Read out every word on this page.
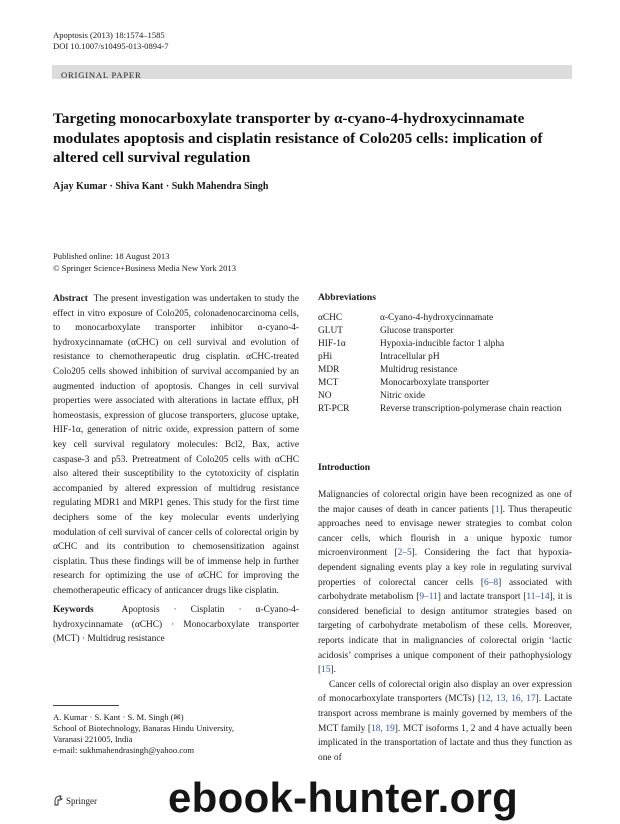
Apoptosis (2013) 18:1574–1585
DOI 10.1007/s10495-013-0894-7
ORIGINAL PAPER
Targeting monocarboxylate transporter by α-cyano-4-hydroxycinnamate modulates apoptosis and cisplatin resistance of Colo205 cells: implication of altered cell survival regulation
Ajay Kumar · Shiva Kant · Sukh Mahendra Singh
Published online: 18 August 2013
© Springer Science+Business Media New York 2013
Abstract The present investigation was undertaken to study the effect in vitro exposure of Colo205, colonadenocarcinoma cells, to monocarboxylate transporter inhibitor α-cyano-4-hydroxycinnamate (αCHC) on cell survival and evolution of resistance to chemotherapeutic drug cisplatin. αCHC-treated Colo205 cells showed inhibition of survival accompanied by an augmented induction of apoptosis. Changes in cell survival properties were associated with alterations in lactate efflux, pH homeostasis, expression of glucose transporters, glucose uptake, HIF-1α, generation of nitric oxide, expression pattern of some key cell survival regulatory molecules: Bcl2, Bax, active caspase-3 and p53. Pretreatment of Colo205 cells with αCHC also altered their susceptibility to the cytotoxicity of cisplatin accompanied by altered expression of multidrug resistance regulating MDR1 and MRP1 genes. This study for the first time deciphers some of the key molecular events underlying modulation of cell survival of cancer cells of colorectal origin by αCHC and its contribution to chemosensitization against cisplatin. Thus these findings will be of immense help in further research for optimizing the use of αCHC for improving the chemotherapeutic efficacy of anticancer drugs like cisplatin.
Keywords	Apoptosis · Cisplatin · α-Cyano-4-hydroxycinnamate (αCHC) · Monocarboxylate transporter (MCT) · Multidrug resistance
A. Kumar · S. Kant · S. M. Singh (✉)
School of Biotechnology, Banaras Hindu University,
Varanasi 221005, India
e-mail: sukhmahendrasingh@yahoo.com
Springer
Abbreviations
αCHC	α-Cyano-4-hydroxycinnamate
GLUT	Glucose transporter
HIF-1α	Hypoxia-inducible factor 1 alpha
pHi	Intracellular pH
MDR	Multidrug resistance
MCT	Monocarboxylate transporter
NO	Nitric oxide
RT-PCR	Reverse transcription-polymerase chain reaction
Introduction

Malignancies of colorectal origin have been recognized as one of the major causes of death in cancer patients [1]. Thus therapeutic approaches need to envisage newer strategies to combat colon cancer cells, which flourish in a unique hypoxic tumor microenvironment [2–5]. Considering the fact that hypoxia-dependent signaling events play a key role in regulating survival properties of colorectal cancer cells [6–8] associated with carbohydrate metabolism [9–11] and lactate transport [11–14], it is considered beneficial to design antitumor strategies based on targeting of carbohydrate metabolism of these cells. Moreover, reports indicate that in malignancies of colorectal origin ‘lactic acidosis’ comprises a unique component of their pathophysiology [15].

Cancer cells of colorectal origin also display an over expression of monocarboxylate transporters (MCTs) [12, 13, 16, 17]. Lactate transport across membrane is mainly governed by members of the MCT family [18, 19]. MCT isoforms 1, 2 and 4 have actually been implicated in the transportation of lactate and thus they function as one of

ebook-hunter.org
